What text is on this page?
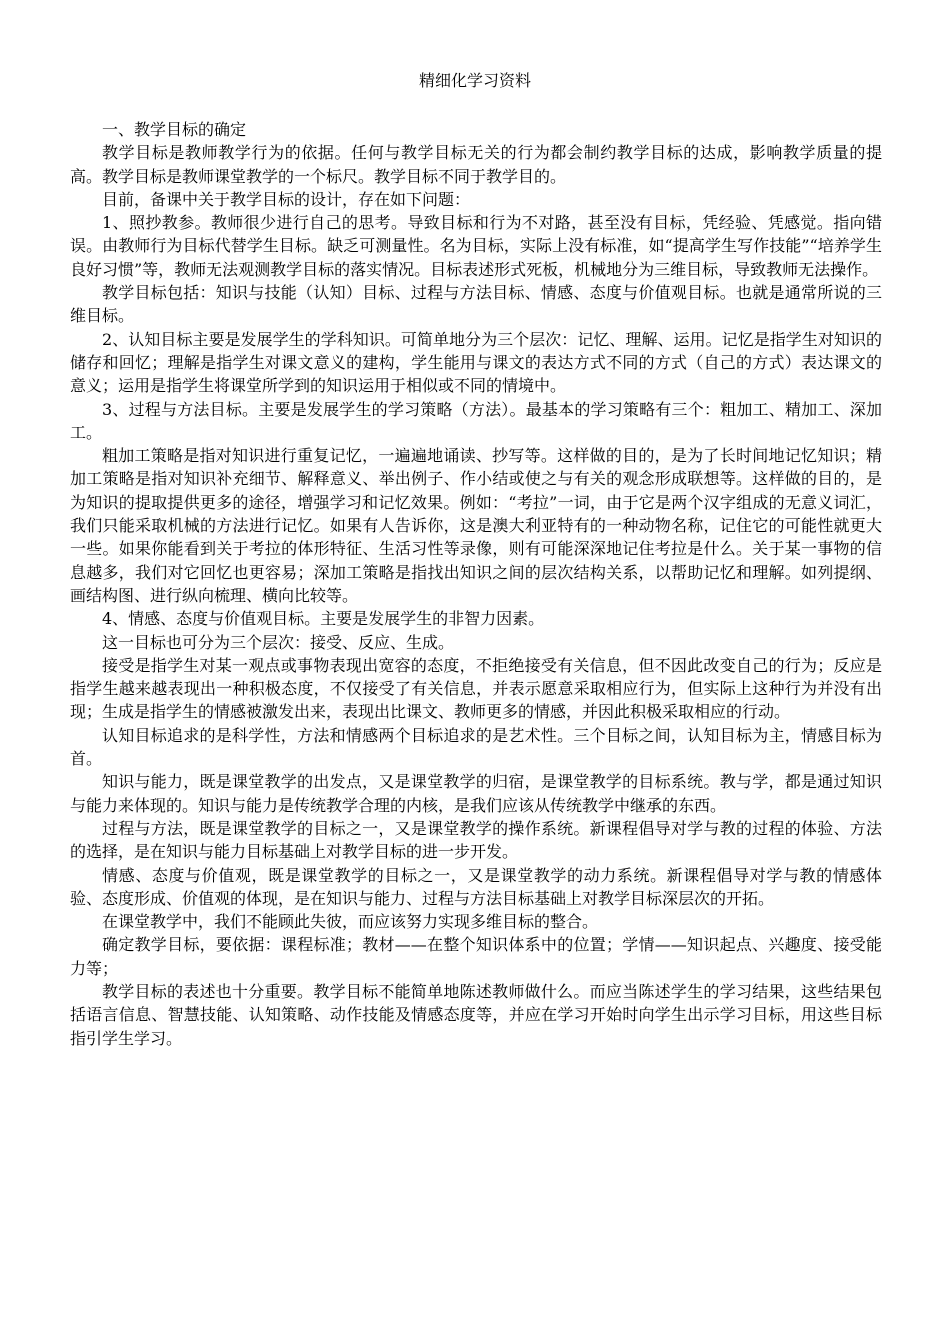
精细化学习资料

一、教学目标的确定

教学目标是教师教学行为的依据。任何与教学目标无关的行为都会制约教学目标的达成，影响教学质量的提高。教学目标是教师课堂教学的一个标尺。教学目标不同于教学目的。

目前，备课中关于教学目标的设计，存在如下问题：

1、照抄教参。教师很少进行自己的思考。导致目标和行为不对路，甚至没有目标，凭经验、凭感觉。指向错误。由教师行为目标代替学生目标。缺乏可测量性。名为目标，实际上没有标准，如“提高学生写作技能”“培养学生良好习惯”等，教师无法观测教学目标的落实情况。目标表述形式死板，机械地分为三维目标，导致教师无法操作。

教学目标包括：知识与技能（认知）目标、过程与方法目标、情感、态度与价值观目标。也就是通常所说的三维目标。

2、认知目标主要是发展学生的学科知识。可简单地分为三个层次：记忆、理解、运用。记忆是指学生对知识的储存和回忆；理解是指学生对课文意义的建构，学生能用与课文的表达方式不同的方式（自己的方式）表达课文的意义；运用是指学生将课堂所学到的知识运用于相似或不同的情境中。

3、过程与方法目标。主要是发展学生的学习策略（方法）。最基本的学习策略有三个：粗加工、精加工、深加工。

粗加工策略是指对知识进行重复记忆，一遍遍地诵读、抄写等。这样做的目的，是为了长时间地记忆知识；精加工策略是指对知识补充细节、解释意义、举出例子、作小结或使之与有关的观念形成联想等。这样做的目的，是为知识的提取提供更多的途径，增强学习和记忆效果。例如：“考拉”一词，由于它是两个汉字组成的无意义词汇，我们只能采取机械的方法进行记忆。如果有人告诉你，这是澳大利亚特有的一种动物名称，记住它的可能性就更大一些。如果你能看到关于考拉的体形特征、生活习性等录像，则有可能深深地记住考拉是什么。关于某一事物的信息越多，我们对它回忆也更容易；深加工策略是指找出知识之间的层次结构关系，以帮助记忆和理解。如列提纲、画结构图、进行纵向梳理、横向比较等。

4、情感、态度与价值观目标。主要是发展学生的非智力因素。

这一目标也可分为三个层次：接受、反应、生成。

接受是指学生对某一观点或事物表现出宽容的态度，不拒绝接受有关信息，但不因此改变自己的行为；反应是指学生越来越表现出一种积极态度，不仅接受了有关信息，并表示愿意采取相应行为，但实际上这种行为并没有出现；生成是指学生的情感被激发出来，表现出比课文、教师更多的情感，并因此积极采取相应的行动。

认知目标追求的是科学性，方法和情感两个目标追求的是艺术性。三个目标之间，认知目标为主，情感目标为首。

知识与能力，既是课堂教学的出发点，又是课堂教学的归宿，是课堂教学的目标系统。教与学，都是通过知识与能力来体现的。知识与能力是传统教学合理的内核，是我们应该从传统教学中继承的东西。

过程与方法，既是课堂教学的目标之一，又是课堂教学的操作系统。新课程倡导对学与教的过程的体验、方法的选择，是在知识与能力目标基础上对教学目标的进一步开发。

情感、态度与价值观，既是课堂教学的目标之一，又是课堂教学的动力系统。新课程倡导对学与教的情感体验、态度形成、价值观的体现，是在知识与能力、过程与方法目标基础上对教学目标深层次的开拓。

在课堂教学中，我们不能顾此失彼，而应该努力实现多维目标的整合。

确定教学目标，要依据：课程标准；教材——在整个知识体系中的位置；学情——知识起点、兴趣度、接受能力等；

教学目标的表述也十分重要。教学目标不能简单地陈述教师做什么。而应当陈述学生的学习结果，这些结果包括语言信息、智慧技能、认知策略、动作技能及情感态度等，并应在学习开始时向学生出示学习目标，用这些目标指引学生学习。
